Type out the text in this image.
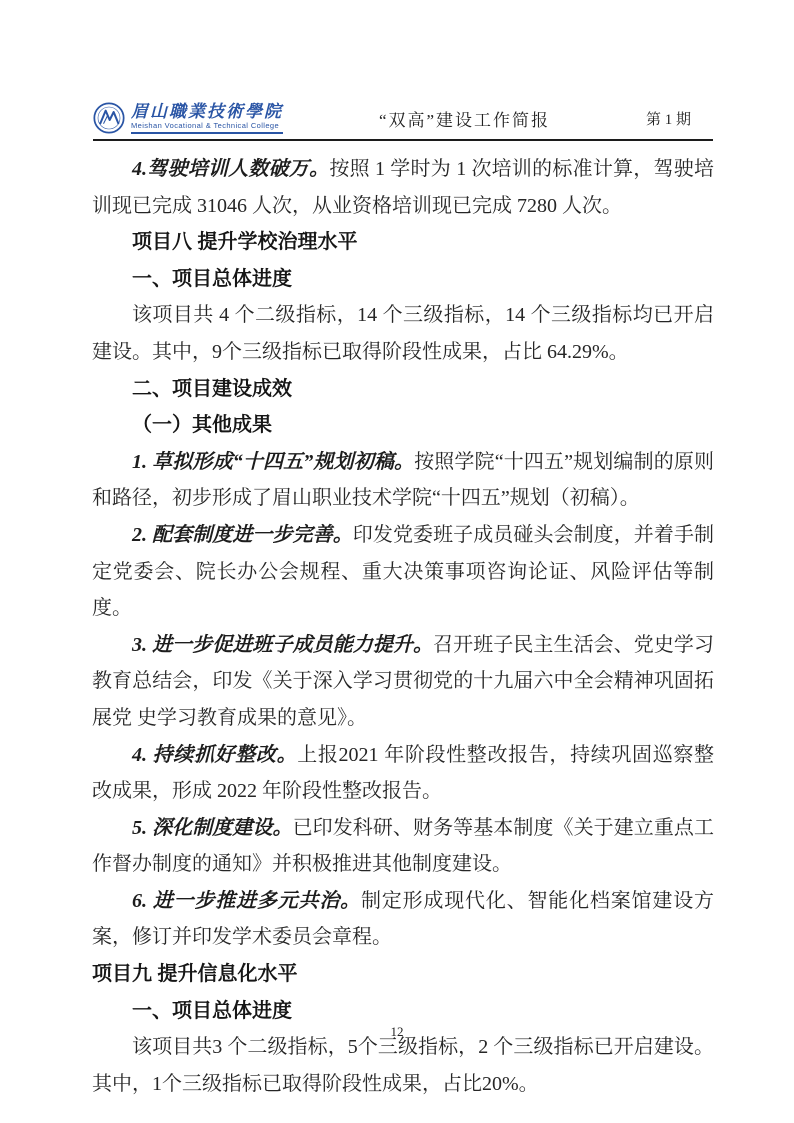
眉山職業技術學院
Meishan Vocational & Technical College	“双高”建设工作简报	第 1 期

4.驾驶培训人数破万。按照 1 学时为 1 次培训的标准计算，驾驶培训现已完成 31046 人次，从业资格培训现已完成 7280 人次。

项目八 提升学校治理水平

一、项目总体进度

该项目共 4 个二级指标，14 个三级指标，14 个三级指标均已开启建设。其中，9个三级指标已取得阶段性成果，占比 64.29%。

二、项目建设成效

（一）其他成果

1. 草拟形成“十四五”规划初稿。按照学院“十四五”规划编制的原则和路径，初步形成了眉山职业技术学院“十四五”规划（初稿）。

2. 配套制度进一步完善。印发党委班子成员碰头会制度，并着手制定党委会、院长办公会规程、重大决策事项咨询论证、风险评估等制度。

3. 进一步促进班子成员能力提升。召开班子民主生活会、党史学习教育总结会，印发《关于深入学习贯彻党的十九届六中全会精神巩固拓展党 史学习教育成果的意见》。

4. 持续抓好整改。上报2021 年阶段性整改报告，持续巩固巡察整改成果，形成 2022 年阶段性整改报告。

5. 深化制度建设。已印发科研、财务等基本制度《关于建立重点工作督办制度的通知》并积极推进其他制度建设。

6. 进一步推进多元共治。制定形成现代化、智能化档案馆建设方案，修订并印发学术委员会章程。

项目九 提升信息化水平

一、项目总体进度

该项目共3 个二级指标，5个三级指标，2 个三级指标已开启建设。其中，1个三级指标已取得阶段性成果，占比20%。

12
